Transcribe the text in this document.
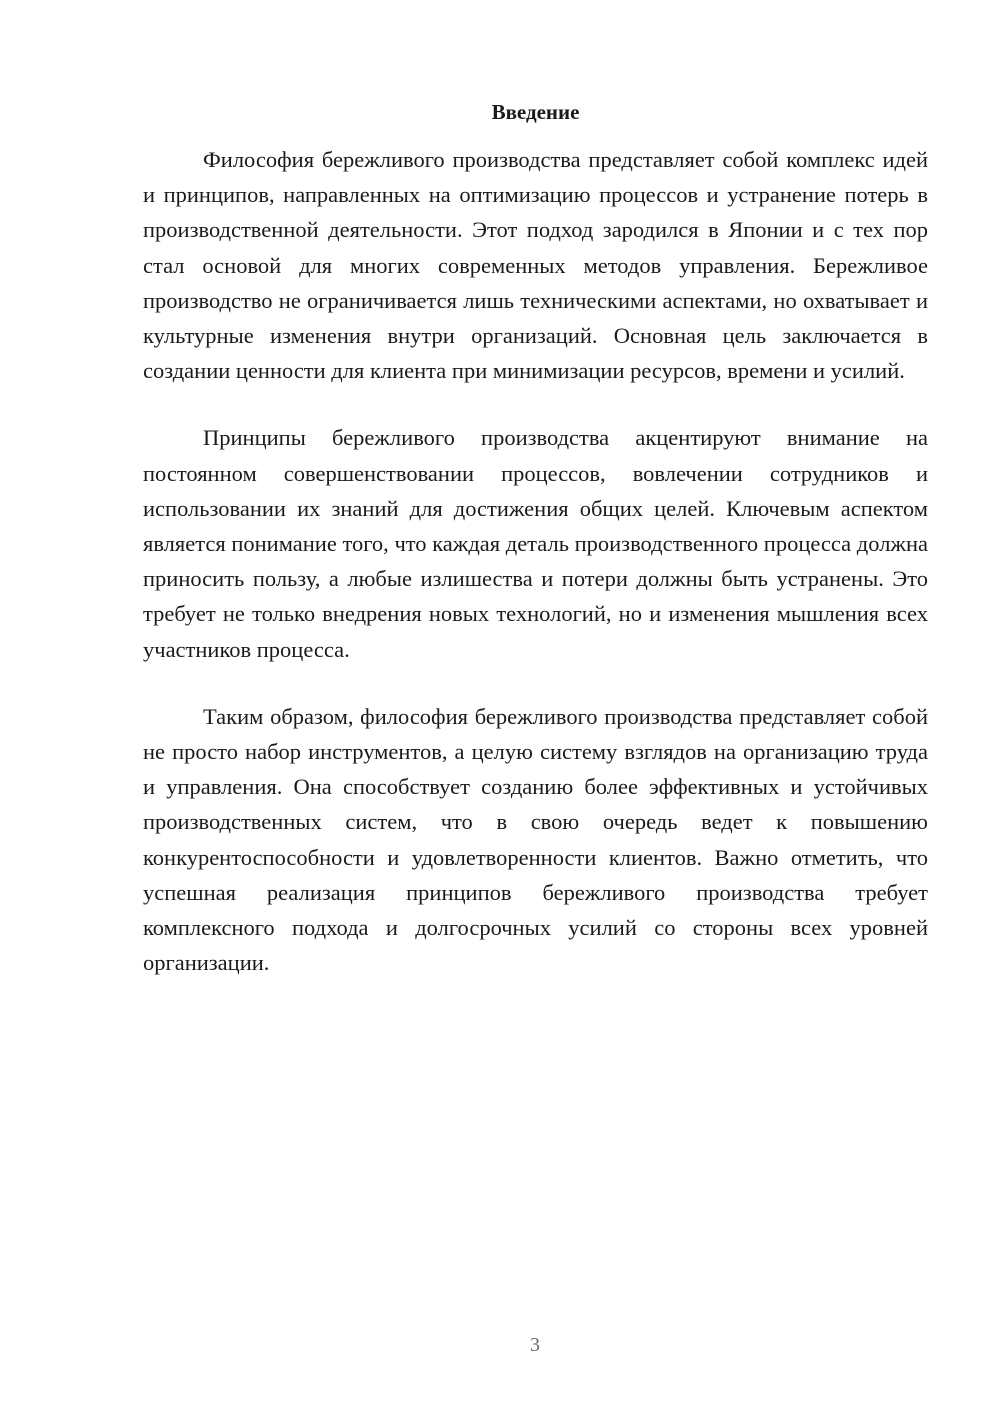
Введение

Философия бережливого производства представляет собой комплекс идей и принципов, направленных на оптимизацию процессов и устранение потерь в производственной деятельности. Этот подход зародился в Японии и с тех пор стал основой для многих современных методов управления. Бережливое производство не ограничивается лишь техническими аспектами, но охватывает и культурные изменения внутри организаций. Основная цель заключается в создании ценности для клиента при минимизации ресурсов, времени и усилий.

Принципы бережливого производства акцентируют внимание на постоянном совершенствовании процессов, вовлечении сотрудников и использовании их знаний для достижения общих целей. Ключевым аспектом является понимание того, что каждая деталь производственного процесса должна приносить пользу, а любые излишества и потери должны быть устранены. Это требует не только внедрения новых технологий, но и изменения мышления всех участников процесса.

Таким образом, философия бережливого производства представляет собой не просто набор инструментов, а целую систему взглядов на организацию труда и управления. Она способствует созданию более эффективных и устойчивых производственных систем, что в свою очередь ведет к повышению конкурентоспособности и удовлетворенности клиентов. Важно отметить, что успешная реализация принципов бережливого производства требует комплексного подхода и долгосрочных усилий со стороны всех уровней организации.

3
